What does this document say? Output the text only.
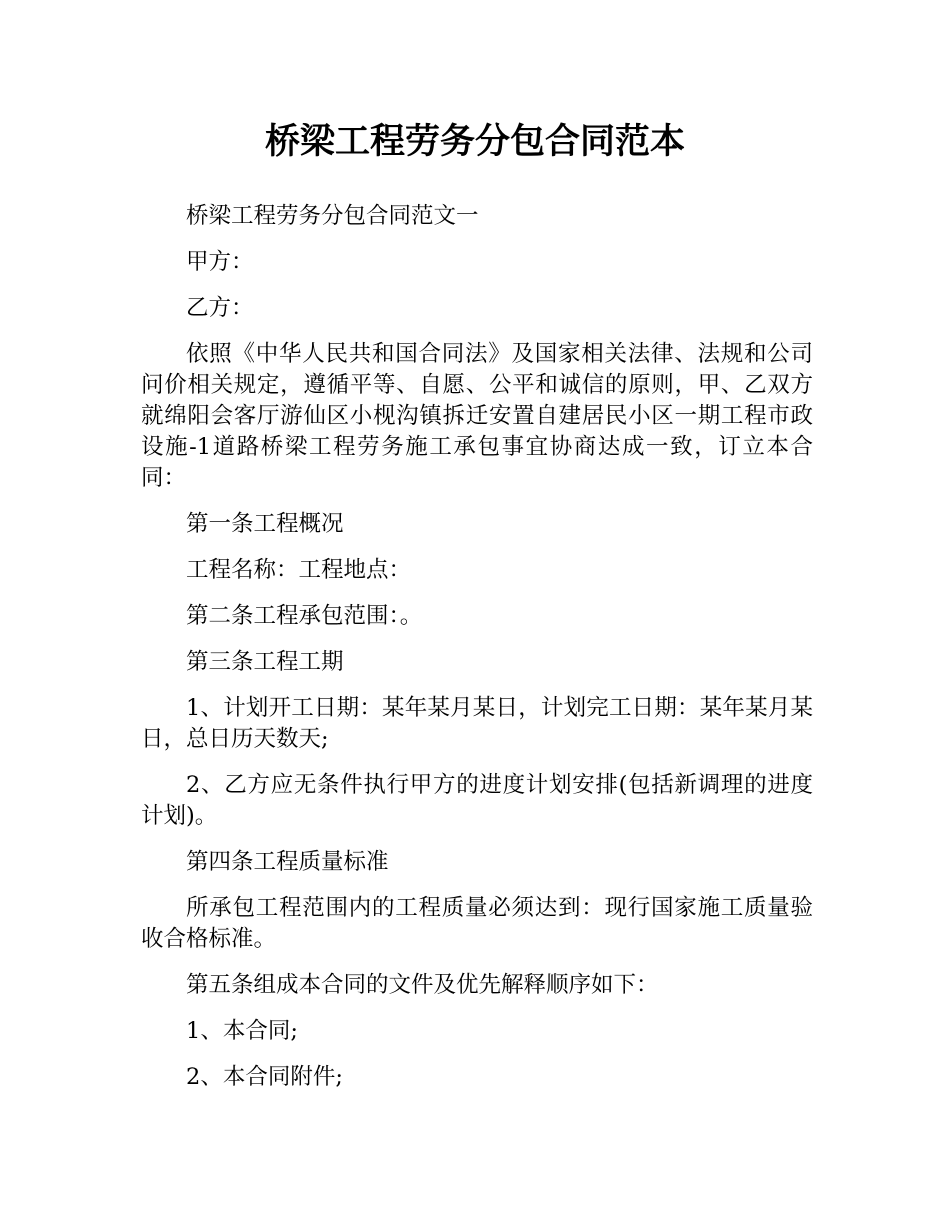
桥梁工程劳务分包合同范本

桥梁工程劳务分包合同范文一

甲方：

乙方：

依照《中华人民共和国合同法》及国家相关法律、法规和公司问价相关规定，遵循平等、自愿、公平和诚信的原则，甲、乙双方就绵阳会客厅游仙区小枧沟镇拆迁安置自建居民小区一期工程市政设施-1道路桥梁工程劳务施工承包事宜协商达成一致，订立本合同：

第一条工程概况

工程名称：工程地点：

第二条工程承包范围：。

第三条工程工期

1、计划开工日期：某年某月某日，计划完工日期：某年某月某日，总日历天数天;

2、乙方应无条件执行甲方的进度计划安排(包括新调理的进度计划)。

第四条工程质量标准

所承包工程范围内的工程质量必须达到：现行国家施工质量验收合格标准。

第五条组成本合同的文件及优先解释顺序如下：

1、本合同;

2、本合同附件;
